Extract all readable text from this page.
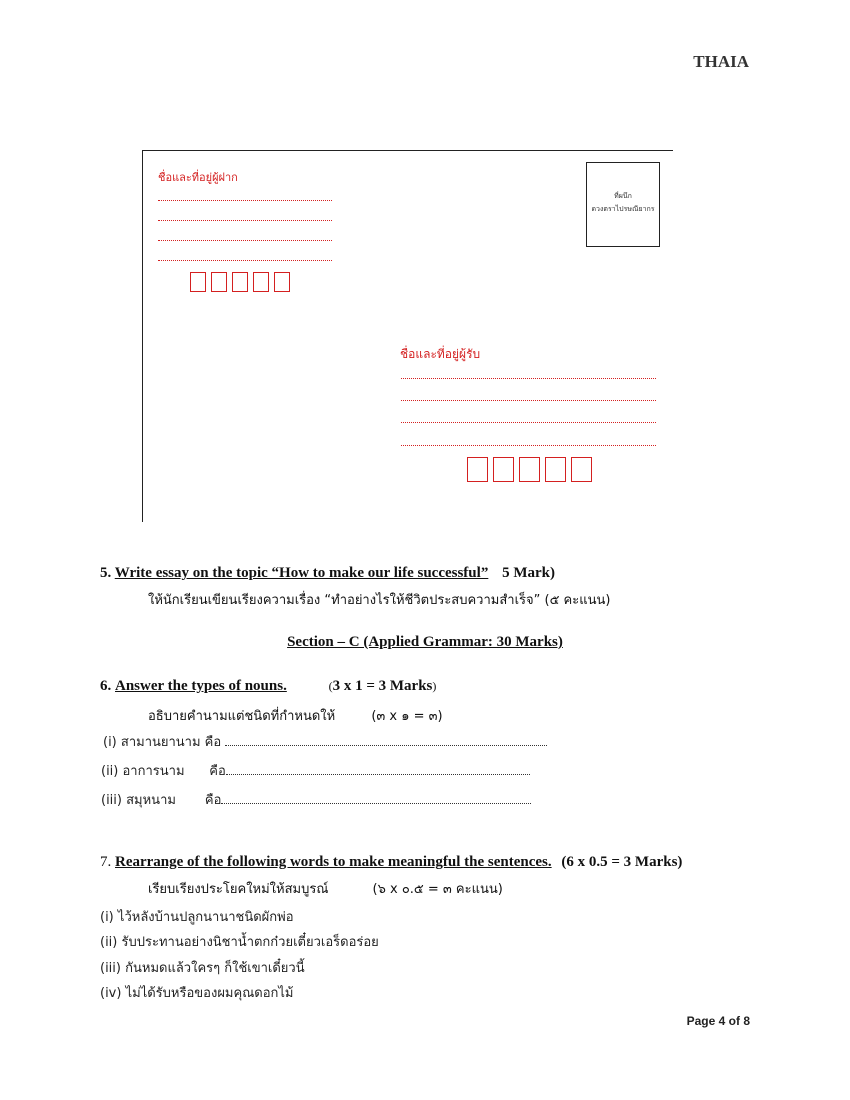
THAIA
ชื่อและที่อยู่ผู้ฝาก
ที่ผนึก
ดวงตราไปรษณียากร
ชื่อและที่อยู่ผู้รับ
5. Write essay on the topic “How to make our life successful” 5 Mark)
ให้นักเรียนเขียนเรียงความเรื่อง “ทำอย่างไรให้ชีวิตประสบความสำเร็จ” (๕ คะแนน)
Section – C (Applied Grammar: 30 Marks)
6. Answer the types of nouns.	(3 x 1 = 3 Marks)
อธิบายคำนามแต่ชนิดที่กำหนดให้	(๓ x ๑ = ๓)
(i) สามานยานาม คือ
(ii) อาการนาม      คือ
(iii) สมุหนาม       คือ
7. Rearrange of the following words to make meaningful the sentences. (6 x 0.5 = 3 Marks)
เรียบเรียงประโยคใหม่ให้สมบูรณ์	(๖ x ๐.๕ = ๓ คะแนน)
(i) ไว้หลังบ้านปลูกนานาชนิดผักพ่อ
(ii) รับประทานอย่างนิชาน้ำตกก๋วยเตี๋ยวเอร็ดอร่อย
(iii) กันหมดแล้วใครๆ ก็ใช้เขาเดี๋ยวนี้
(iv) ไม่ได้รับหรือของผมคุณดอกไม้
Page 4 of 8
